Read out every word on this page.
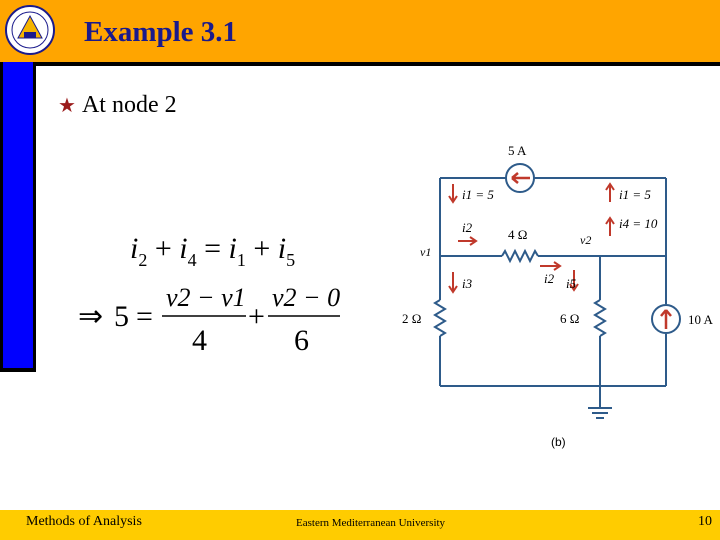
Example 3.1
★ At node 2
$i_2 + i_4 = i_1 + i_5$
⇒ 5 =
v2 − v1
4
+
v2 − 0
6
5 A
10 A
2 Ω
4 Ω
6 Ω
i1 = 5	i1 = 5
i4 = 10
i2
i3	i2 i5
v1
v2
(b)
Methods of Analysis	Eastern Mediterranean University	10
